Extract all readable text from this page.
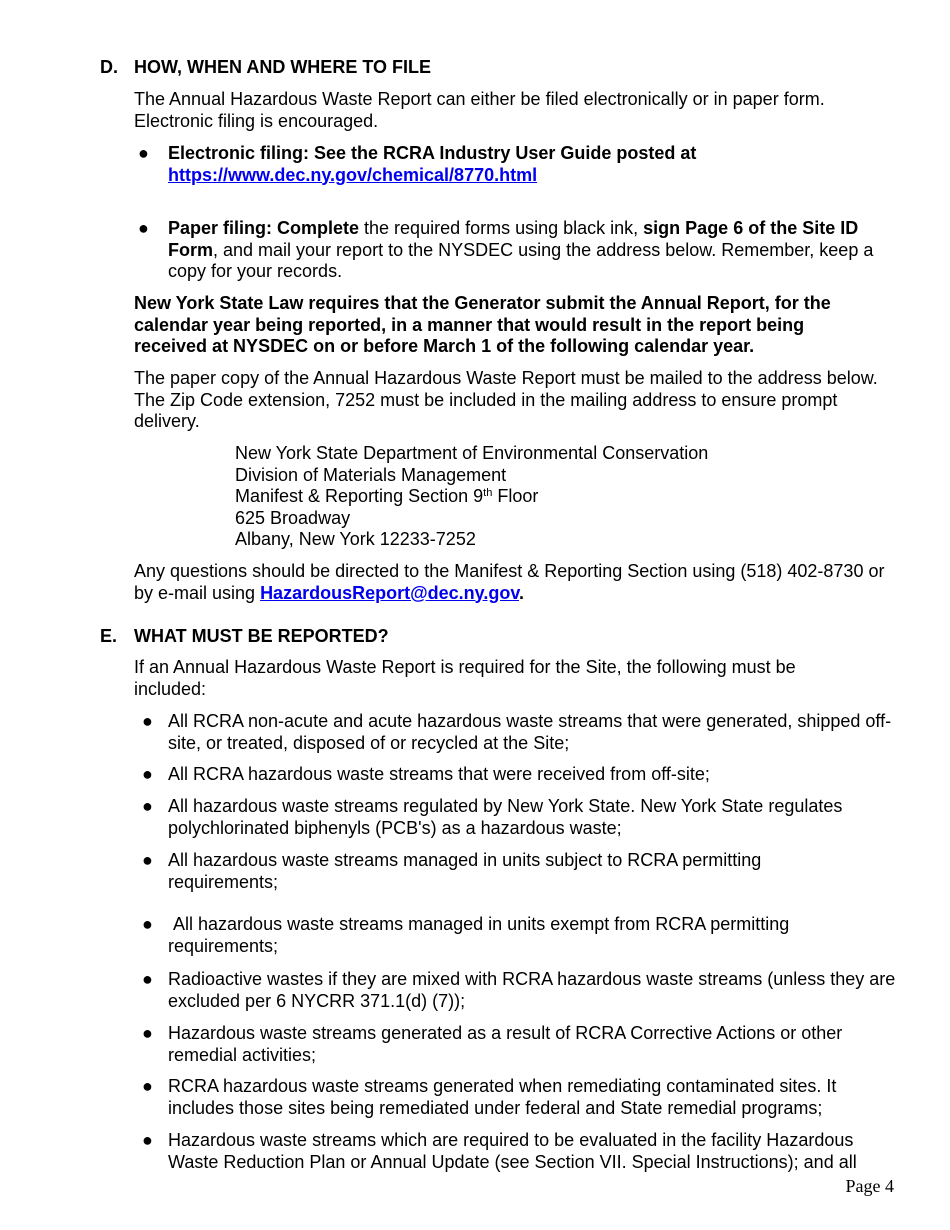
D. HOW, WHEN AND WHERE TO FILE
The Annual Hazardous Waste Report can either be filed electronically or in paper form. Electronic filing is encouraged.
● Electronic filing: See the RCRA Industry User Guide posted at
https://www.dec.ny.gov/chemical/8770.html
● Paper filing: Complete the required forms using black ink, sign Page 6 of the Site ID Form, and mail your report to the NYSDEC using the address below. Remember, keep a copy for your records.
New York State Law requires that the Generator submit the Annual Report, for the calendar year being reported, in a manner that would result in the report being received at NYSDEC on or before March 1 of the following calendar year.
The paper copy of the Annual Hazardous Waste Report must be mailed to the address below. The Zip Code extension, 7252 must be included in the mailing address to ensure prompt delivery.
New York State Department of Environmental Conservation
Division of Materials Management
Manifest & Reporting Section 9th Floor
625 Broadway
Albany, New York 12233-7252
Any questions should be directed to the Manifest & Reporting Section using (518) 402-8730 or by e-mail using HazardousReport@dec.ny.gov.
E. WHAT MUST BE REPORTED?
If an Annual Hazardous Waste Report is required for the Site, the following must be included:
● All RCRA non-acute and acute hazardous waste streams that were generated, shipped off-site, or treated, disposed of or recycled at the Site;
● All RCRA hazardous waste streams that were received from off-site;
● All hazardous waste streams regulated by New York State. New York State regulates polychlorinated biphenyls (PCB's) as a hazardous waste;
● All hazardous waste streams managed in units subject to RCRA permitting requirements;
● All hazardous waste streams managed in units exempt from RCRA permitting requirements;
● Radioactive wastes if they are mixed with RCRA hazardous waste streams (unless they are excluded per 6 NYCRR 371.1(d) (7));
● Hazardous waste streams generated as a result of RCRA Corrective Actions or other remedial activities;
● RCRA hazardous waste streams generated when remediating contaminated sites. It includes those sites being remediated under federal and State remedial programs;
● Hazardous waste streams which are required to be evaluated in the facility Hazardous Waste Reduction Plan or Annual Update (see Section VII. Special Instructions); and all
Page 4
